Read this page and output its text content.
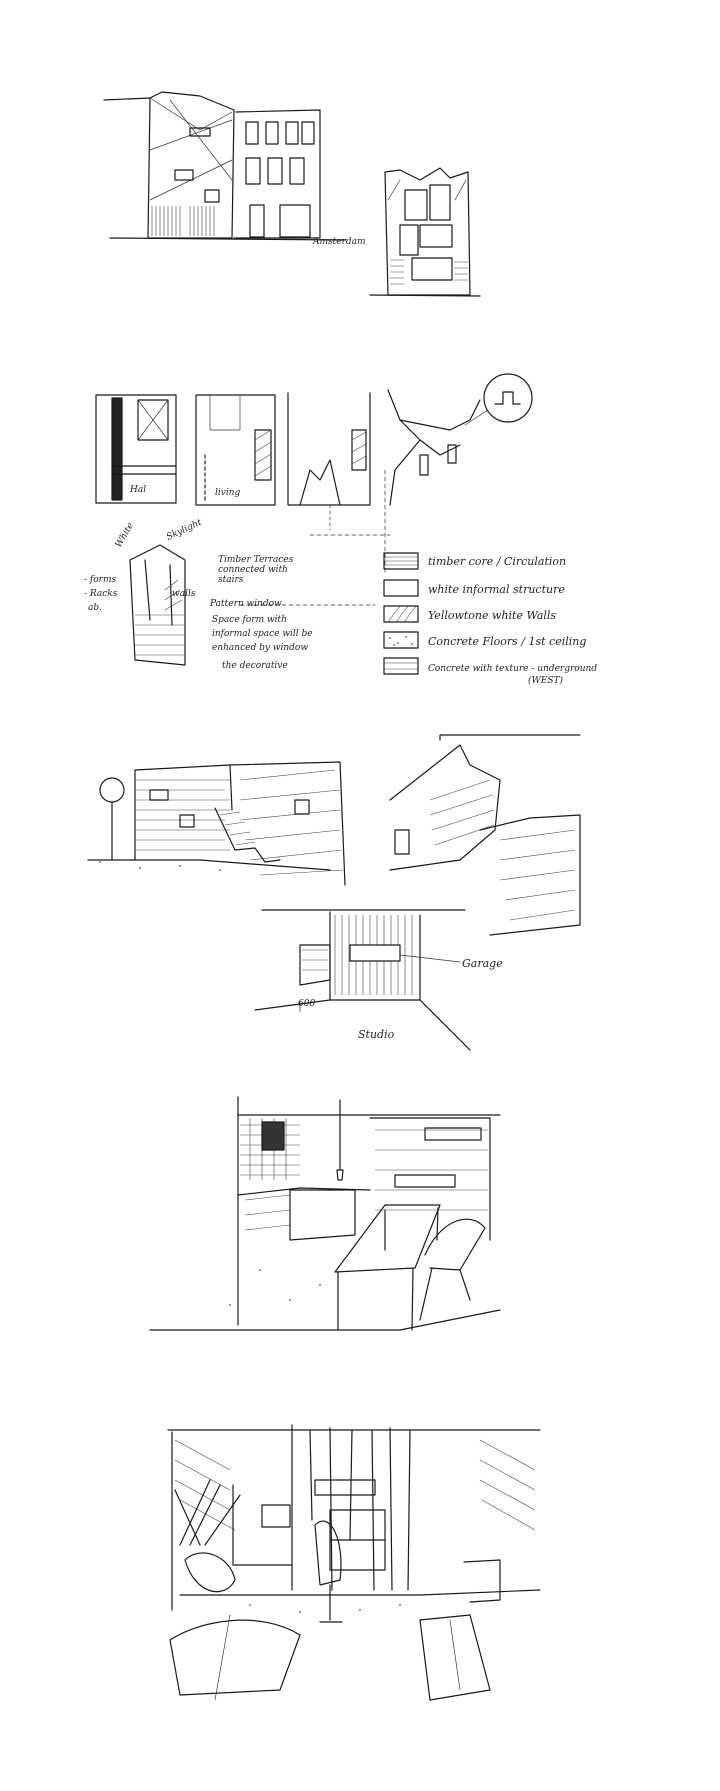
Amsterdam
Hal	living
White	Skylight
Timber Terraces
connected with
stairs
walls
- forms
- Racks
ab.	Pattern window
Space form with
informal space will be
enhanced by window
the decorative
timber core / Circulation
white informal structure
Yellowtone white Walls
Concrete Floors / 1st ceiling
Concrete with texture - underground
(WEST)
Garage
600
Studio
